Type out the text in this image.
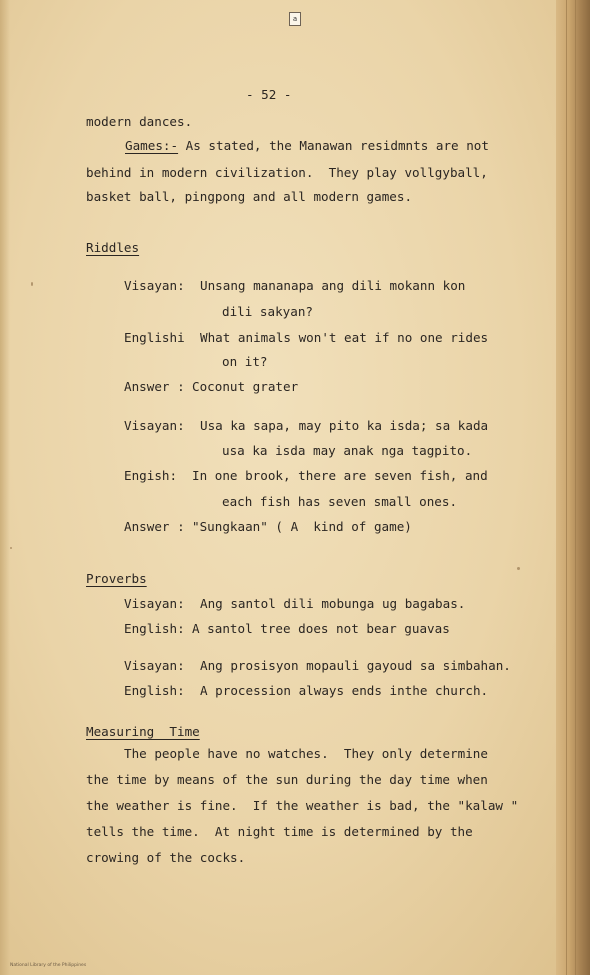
a
- 52 -
modern dances.
Games:- As stated, the Manawan residmnts are not
behind in modern civilization.  They play vollgyball,
basket ball, pingpong and all modern games.
Riddles
Visayan: Unsang mananapa ang dili mokann kon
dili sakyan?
Englishi What animals won't eat if no one rides
on it?
Answer : Coconut grater
Visayan: Usa ka sapa, may pito ka isda; sa kada
usa ka isda may anak nga tagpito.
Engish: In one brook, there are seven fish, and
each fish has seven small ones.
Answer : "Sungkaan" ( A  kind of game)
Proverbs
Visayan: Ang santol dili mobunga ug bagabas.
English: A santol tree does not bear guavas
Visayan: Ang prosisyon mopauli gayoud sa simbahan.
English: A procession always ends inthe church.
Measuring  Time
The people have no watches.  They only determine
the time by means of the sun during the day time when
the weather is fine.  If the weather is bad, the "kalaw "
tells the time.  At night time is determined by the
crowing of the cocks.
National Library of the Philippines
